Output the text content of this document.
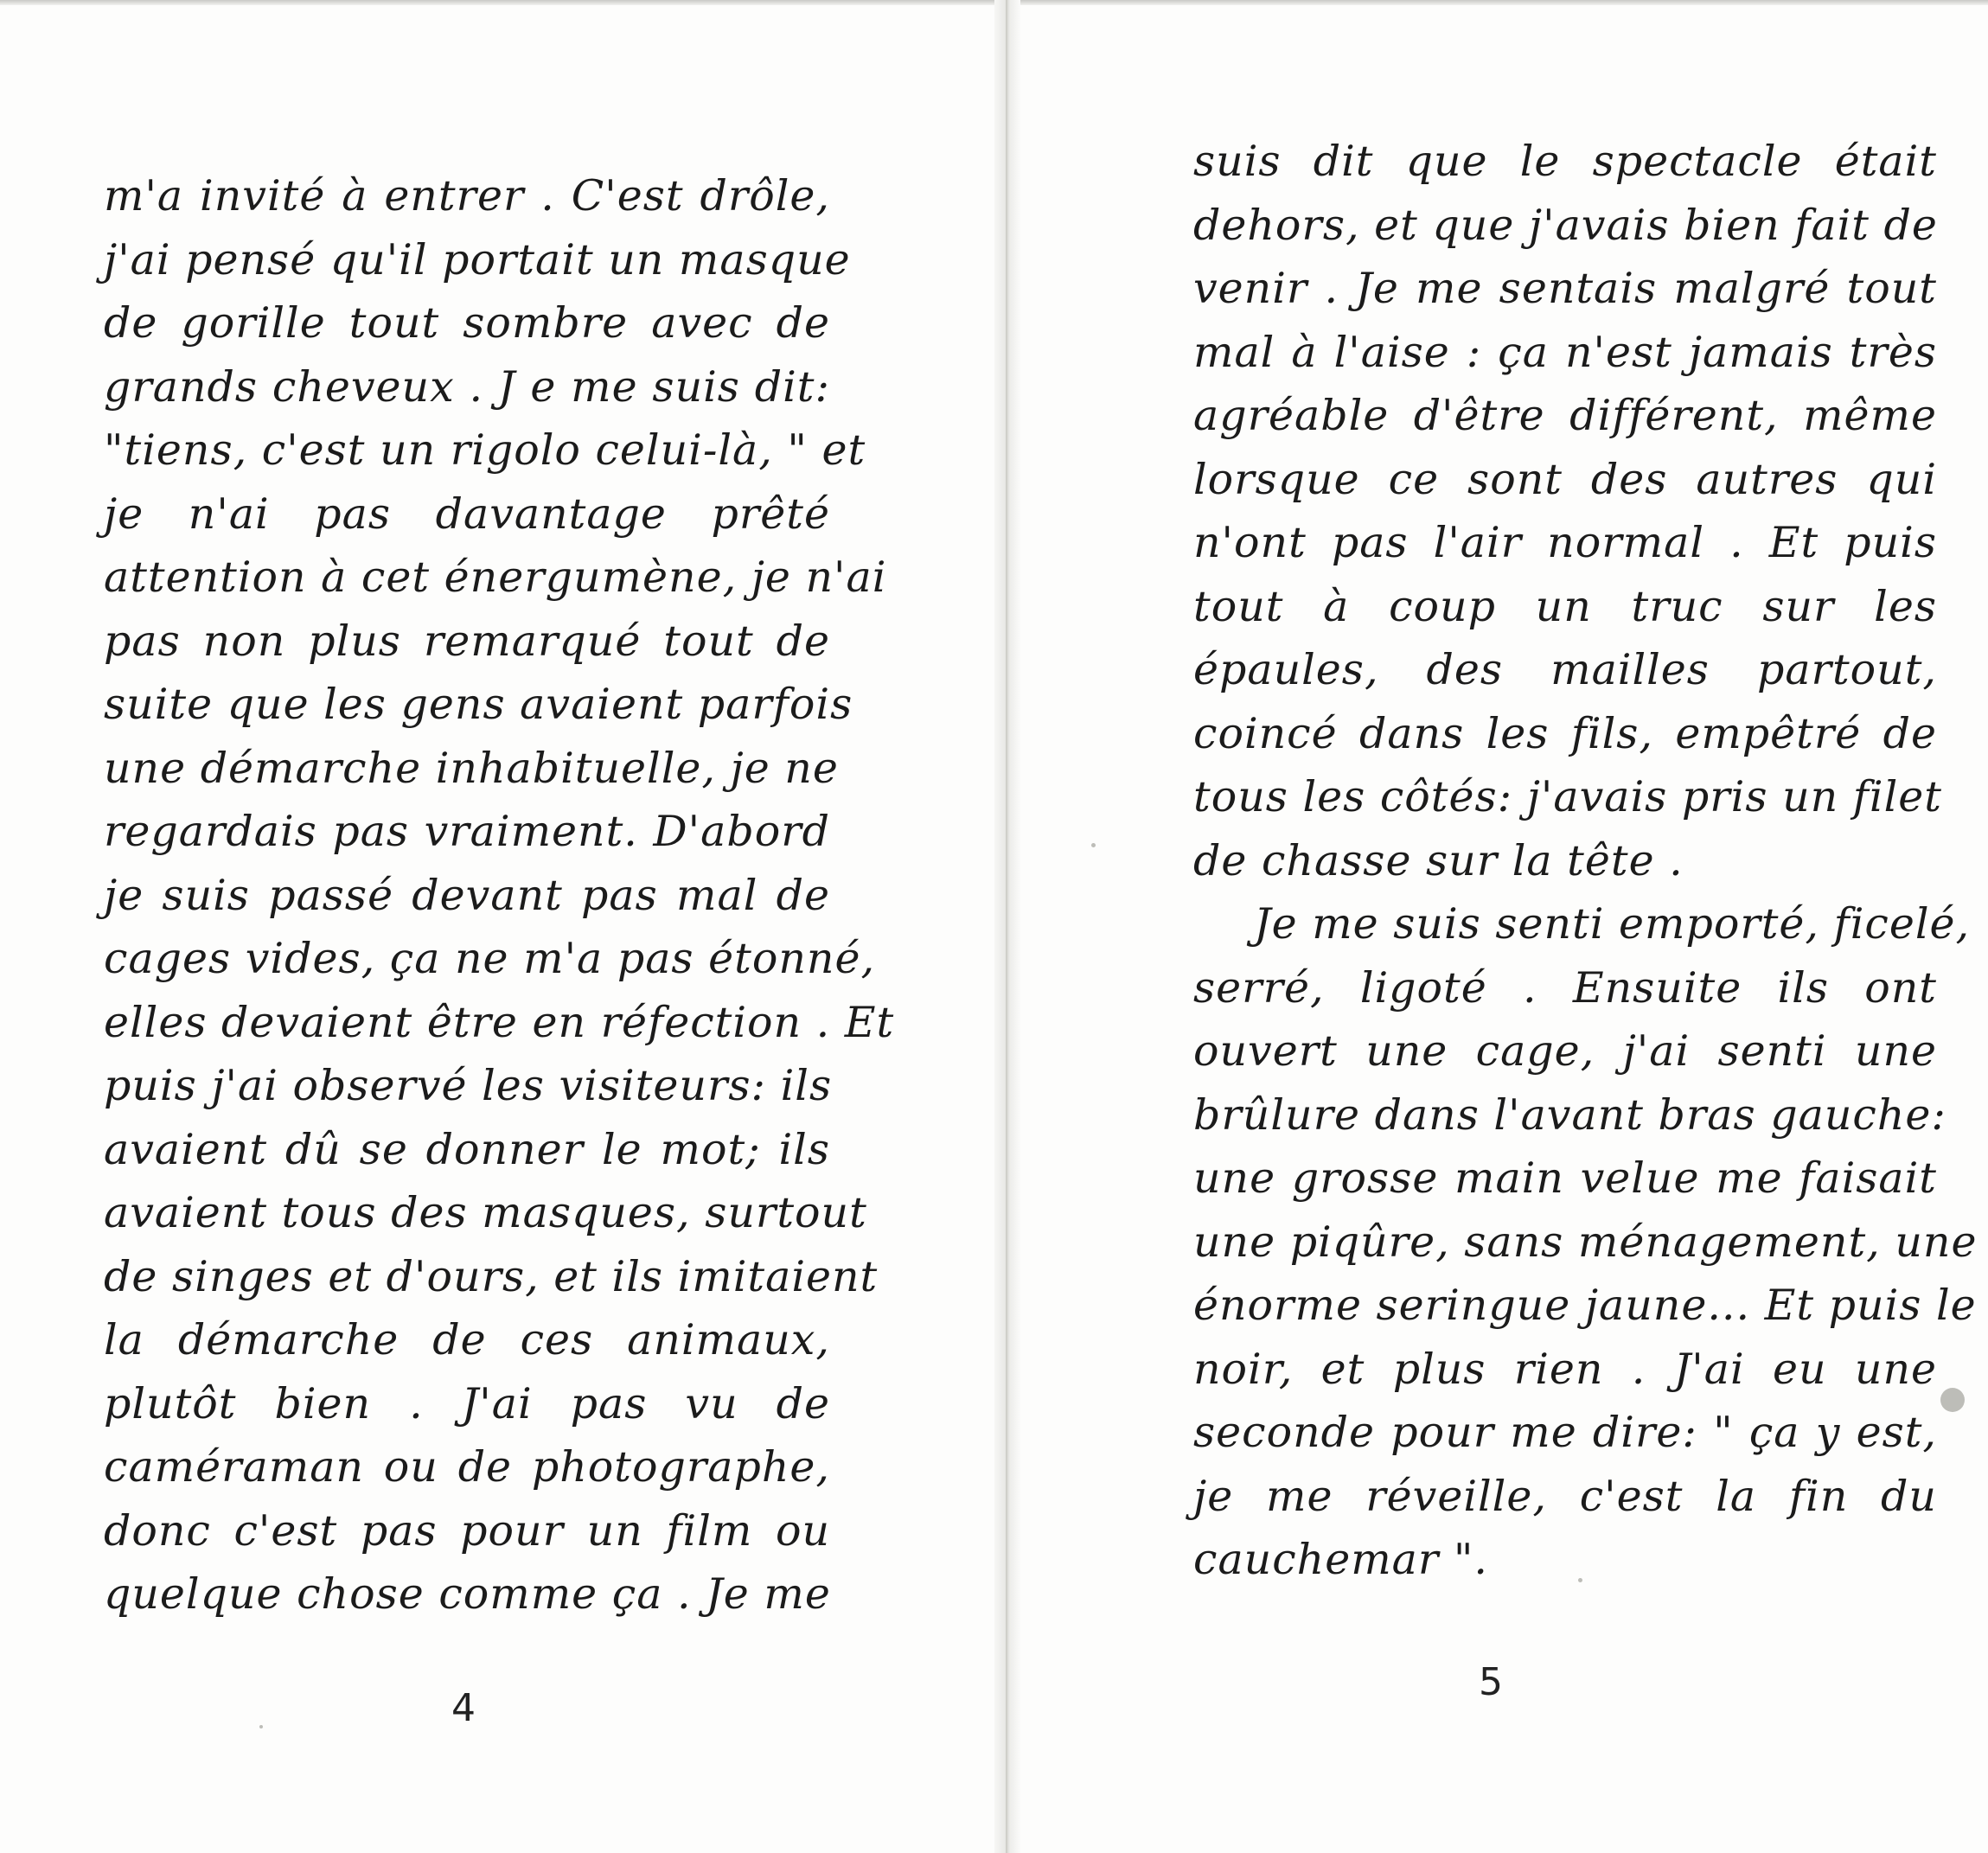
m'a invité à entrer . C'est drôle,
j'ai pensé qu'il portait un masque
de gorille tout sombre avec de
grands cheveux . J e me suis dit:
"tiens, c'est un rigolo celui-là, " et
je n'ai pas davantage prêté
attention à cet énergumène, je n'ai
pas non plus remarqué tout de
suite que les gens avaient parfois
une démarche inhabituelle, je ne
regardais pas vraiment. D'abord
je suis passé devant pas mal de
cages vides, ça ne m'a pas étonné,
elles devaient être en réfection . Et
puis j'ai observé les visiteurs: ils
avaient dû se donner le mot; ils
avaient tous des masques, surtout
de singes et d'ours, et ils imitaient
la démarche de ces animaux,
plutôt bien . J'ai pas vu de
caméraman ou de photographe,
donc c'est pas pour un film ou
quelque chose comme ça . Je me
4
suis dit que le spectacle était
dehors, et que j'avais bien fait de
venir . Je me sentais malgré tout
mal à l'aise : ça n'est jamais très
agréable d'être différent, même
lorsque ce sont des autres qui
n'ont pas l'air normal . Et puis
tout à coup un truc sur les
épaules, des mailles partout,
coincé dans les fils, empêtré de
tous les côtés: j'avais pris un filet
de chasse sur la tête .
Je me suis senti emporté, ficelé,
serré, ligoté . Ensuite ils ont
ouvert une cage, j'ai senti une
brûlure dans l'avant bras gauche:
une grosse main velue me faisait
une piqûre, sans ménagement, une
énorme seringue jaune... Et puis le
noir, et plus rien . J'ai eu une
seconde pour me dire: " ça y est,
je me réveille, c'est la fin du
cauchemar ".
5
